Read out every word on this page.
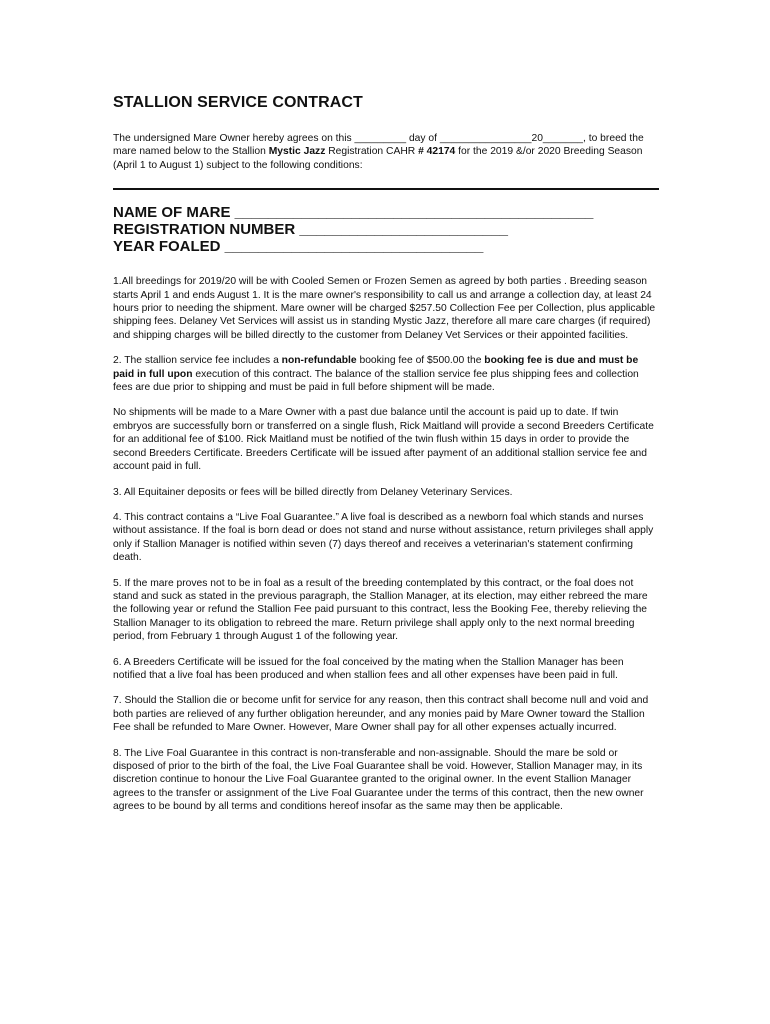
STALLION SERVICE CONTRACT

The undersigned Mare Owner hereby agrees on this _________ day of ________________20_______, to breed the mare named below to the Stallion Mystic Jazz Registration CAHR # 42174 for the 2019 &/or 2020 Breeding Season (April 1 to August 1) subject to the following conditions:

NAME OF MARE ___________________________________________
REGISTRATION NUMBER _________________________
YEAR FOALED _______________________________

1.All breedings for 2019/20 will be with Cooled Semen or Frozen Semen as agreed by both parties . Breeding season starts April 1 and ends August 1. It is the mare owner's responsibility to call us and arrange a collection day, at least 24 hours prior to needing the shipment. Mare owner will be charged $257.50 Collection Fee per Collection, plus applicable shipping fees. Delaney Vet Services will assist us in standing Mystic Jazz, therefore all mare care charges (if required) and shipping charges will be billed directly to the customer from Delaney Vet Services or their appointed facilities.

2. The stallion service fee includes a non-refundable booking fee of $500.00 the booking fee is due and must be paid in full upon execution of this contract. The balance of the stallion service fee plus shipping fees and collection fees are due prior to shipping and must be paid in full before shipment will be made.

No shipments will be made to a Mare Owner with a past due balance until the account is paid up to date. If twin embryos are successfully born or transferred on a single flush, Rick Maitland will provide a second Breeders Certificate for an additional fee of $100. Rick Maitland must be notified of the twin flush within 15 days in order to provide the second Breeders Certificate. Breeders Certificate will be issued after payment of an additional stallion service fee and account paid in full.

3. All Equitainer deposits or fees will be billed directly from Delaney Veterinary Services.

4. This contract contains a “Live Foal Guarantee.” A live foal is described as a newborn foal which stands and nurses without assistance. If the foal is born dead or does not stand and nurse without assistance, return privileges shall apply only if Stallion Manager is notified within seven (7) days thereof and receives a veterinarian's statement confirming death.

5. If the mare proves not to be in foal as a result of the breeding contemplated by this contract, or the foal does not stand and suck as stated in the previous paragraph, the Stallion Manager, at its election, may either rebreed the mare the following year or refund the Stallion Fee paid pursuant to this contract, less the Booking Fee, thereby relieving the Stallion Manager to its obligation to rebreed the mare. Return privilege shall apply only to the next normal breeding period, from February 1 through August 1 of the following year.

6. A Breeders Certificate will be issued for the foal conceived by the mating when the Stallion Manager has been notified that a live foal has been produced and when stallion fees and all other expenses have been paid in full.

7. Should the Stallion die or become unfit for service for any reason, then this contract shall become null and void and both parties are relieved of any further obligation hereunder, and any monies paid by Mare Owner toward the Stallion Fee shall be refunded to Mare Owner. However, Mare Owner shall pay for all other expenses actually incurred.

8. The Live Foal Guarantee in this contract is non-transferable and non-assignable. Should the mare be sold or disposed of prior to the birth of the foal, the Live Foal Guarantee shall be void. However, Stallion Manager may, in its discretion continue to honour the Live Foal Guarantee granted to the original owner. In the event Stallion Manager agrees to the transfer or assignment of the Live Foal Guarantee under the terms of this contract, then the new owner agrees to be bound by all terms and conditions hereof insofar as the same may then be applicable.
